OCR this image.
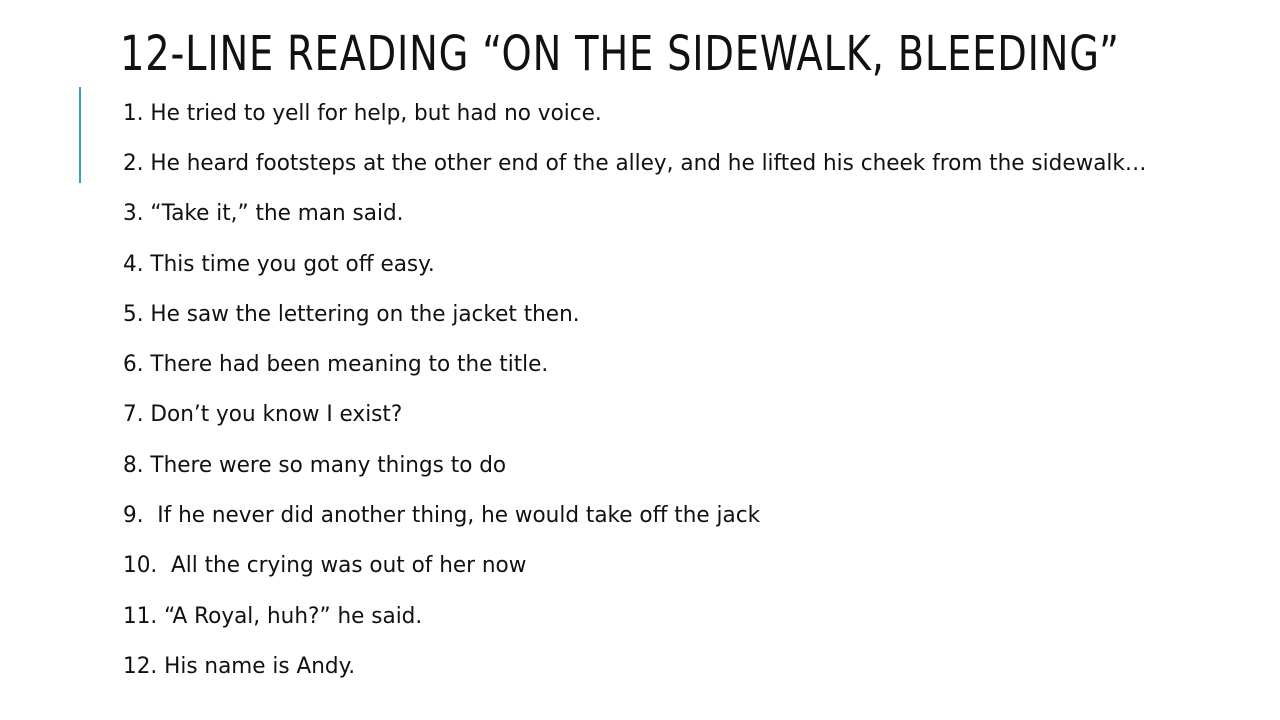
12-LINE READING “ON THE SIDEWALK, BLEEDING”
1. He tried to yell for help, but had no voice.
2. He heard footsteps at the other end of the alley, and he lifted his cheek from the sidewalk…
3. “Take it,” the man said.
4. This time you got off easy.
5. He saw the lettering on the jacket then.
6. There had been meaning to the title.
7. Don’t you know I exist?
8. There were so many things to do
9.  If he never did another thing, he would take off the jack
10.  All the crying was out of her now
11. “A Royal, huh?” he said.
12. His name is Andy.
